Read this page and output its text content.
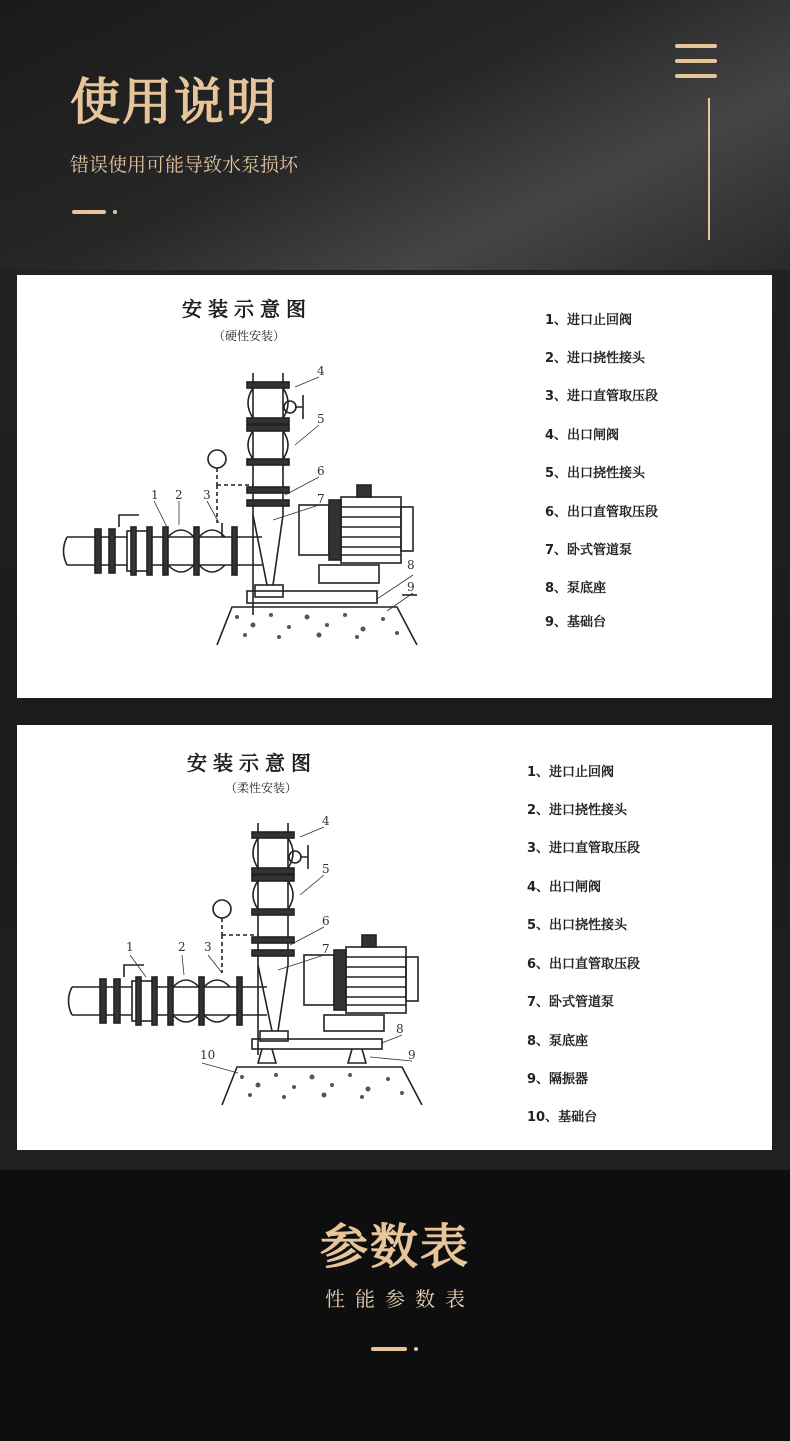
使用说明
错误使用可能导致水泵损坏
安装示意图
（硬性安装）
1 2 3
4
5
6
7
8
9
1、进口止回阀
2、进口挠性接头
3、进口直管取压段
4、出口闸阀
5、出口挠性接头
6、出口直管取压段
7、卧式管道泵
8、泵底座
9、基础台
安装示意图
（柔性安装）
1	2 3
4
5
6
7
8
9
10
1、进口止回阀
2、进口挠性接头
3、进口直管取压段
4、出口闸阀
5、出口挠性接头
6、出口直管取压段
7、卧式管道泵
8、泵底座
9、隔振器
10、基础台
参数表
性能参数表
